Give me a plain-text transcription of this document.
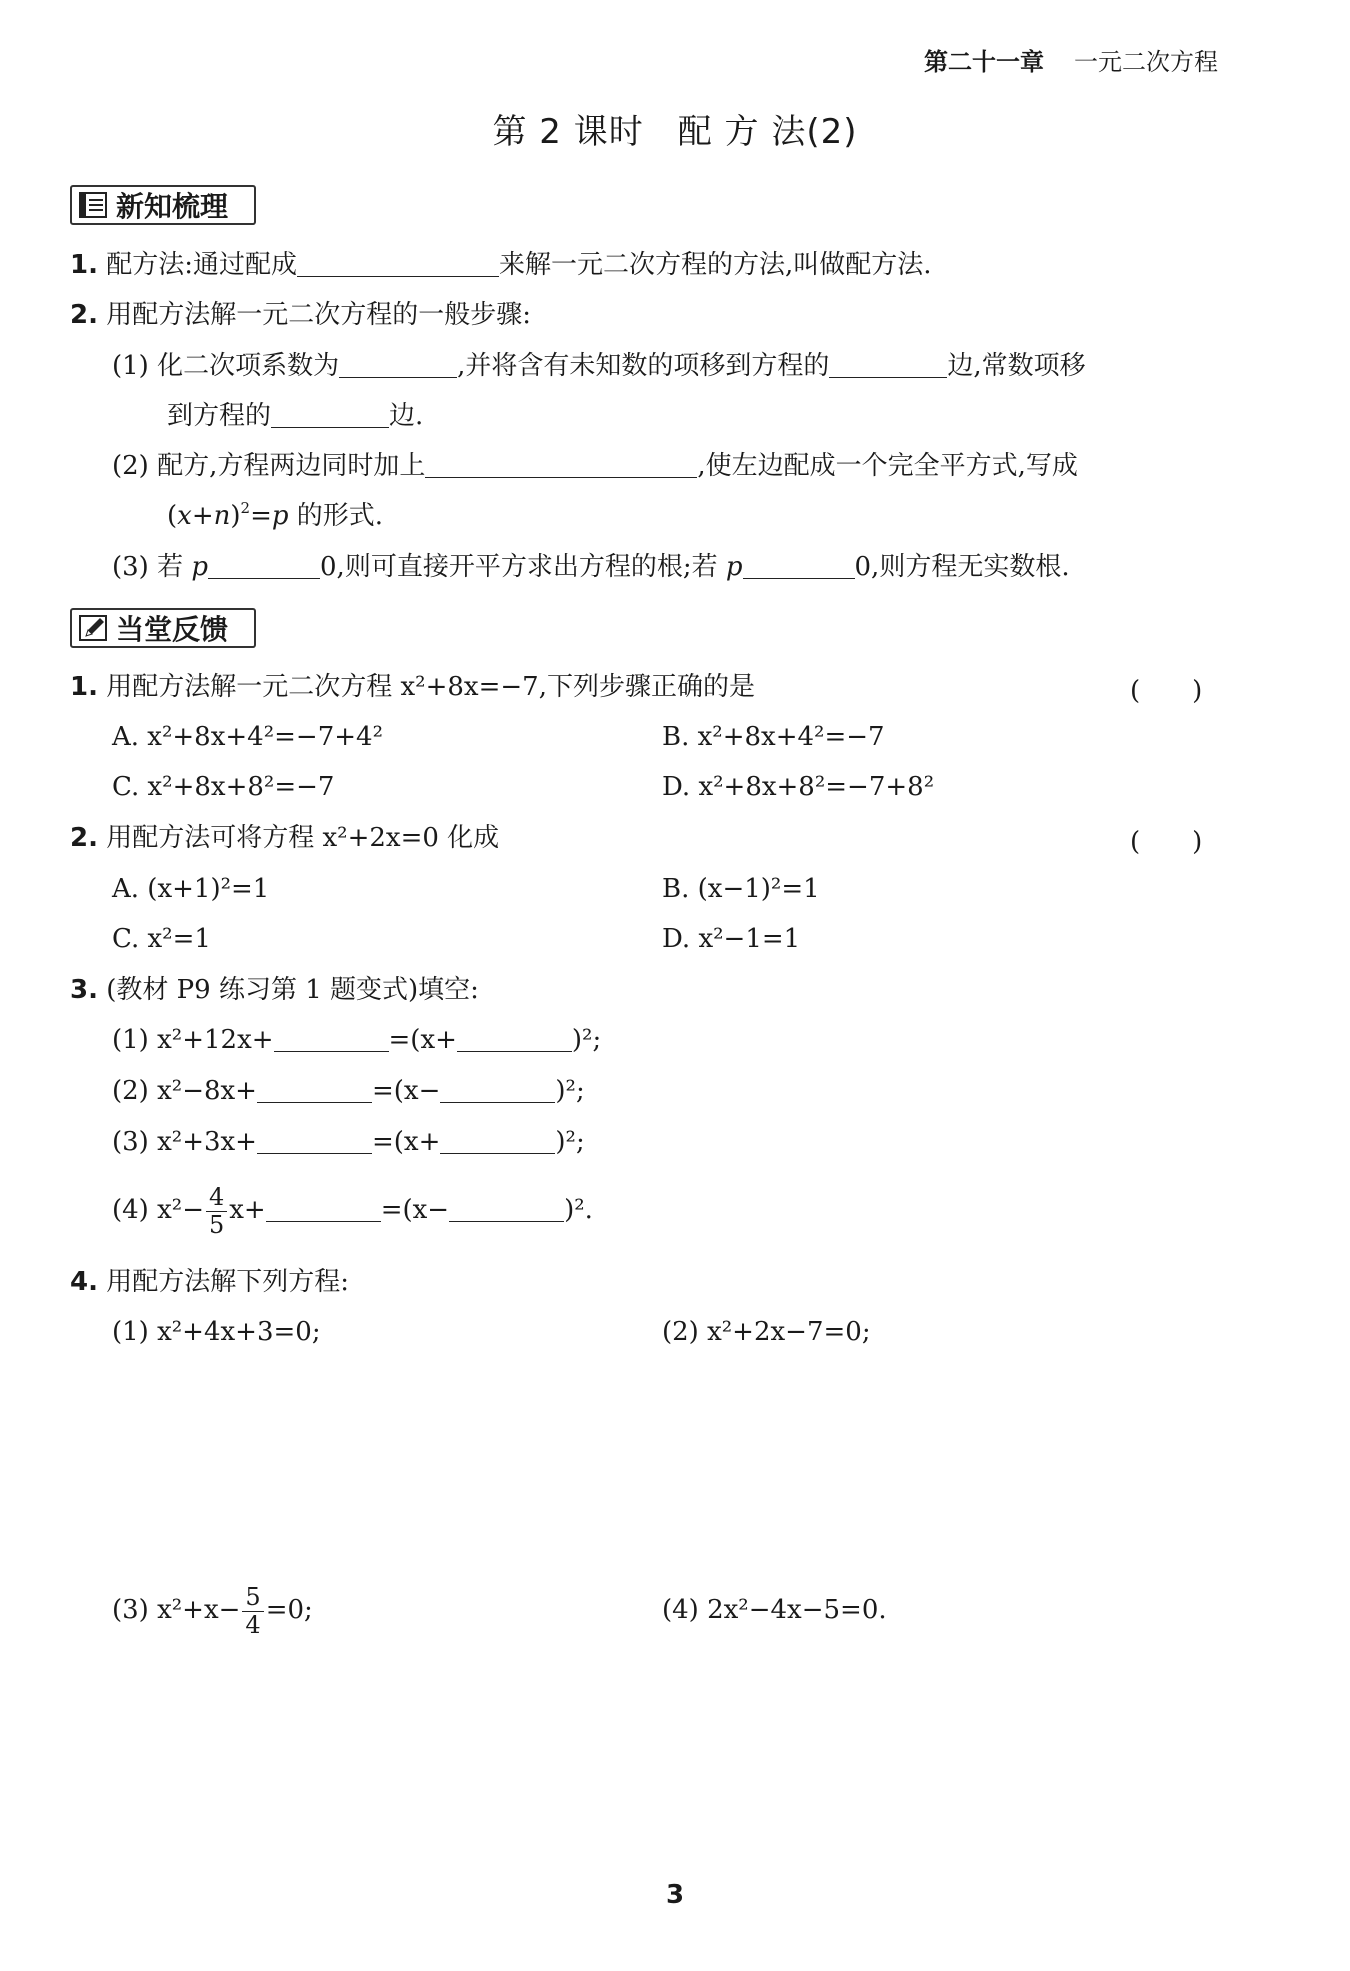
第二十一章 一元二次方程
第 2 课时 配 方 法(2)
新知梳理
1. 配方法:通过配成	来解一元二次方程的方法,叫做配方法.
2. 用配方法解一元二次方程的一般步骤:
(1) 化二次项系数为	,并将含有未知数的项移到方程的	边,常数项移
到方程的	边.
(2) 配方,方程两边同时加上	,使左边配成一个完全平方式,写成
$(x+n)^2=p$ 的形式.
(3) 若 p	0,则可直接开平方求出方程的根;若 p	0,则方程无实数根.
当堂反馈
1. 用配方法解一元二次方程 x²+8x=−7,下列步骤正确的是	(　　)
A. x²+8x+4²=−7+4²	B. x²+8x+4²=−7
C. x²+8x+8²=−7	D. x²+8x+8²=−7+8²
2. 用配方法可将方程 x²+2x=0 化成	(　　)
A. (x+1)²=1	B. (x−1)²=1
C. x²=1	D. x²−1=1
3. (教材 P9 练习第 1 题变式)填空:
(1) x²+12x+	=(x+	)²;
(2) x²−8x+	=(x−	)²;
(3) x²+3x+	=(x+	)²;
(4) $x^2- \frac{4}{5} x+$	=(x−	)².
4. 用配方法解下列方程:
(1) x²+4x+3=0;	(2) x²+2x−7=0;
(3) $x^2+x- \frac{5}{4} =0$;	(4) 2x²−4x−5=0.
3
